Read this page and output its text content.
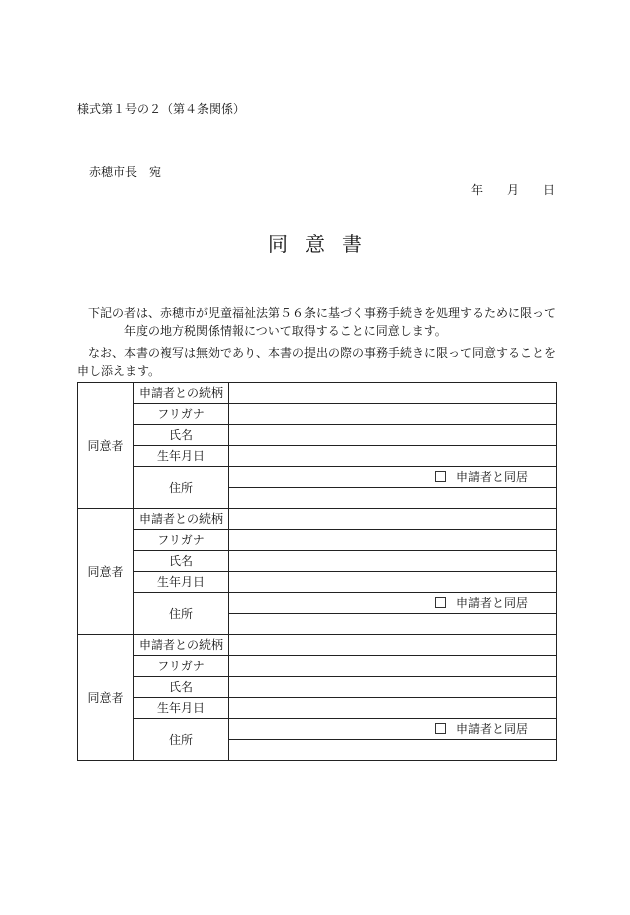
様式第１号の２（第４条関係）
赤穂市長　宛
年 月 日
同意書
下記の者は、赤穂市が児童福祉法第５６条に基づく事務手続きを処理するために限って
年度の地方税関係情報について取得することに同意します。
なお、本書の複写は無効であり、本書の提出の際の事務手続きに限って同意することを
申し添えます。
同意者	申請者との続柄	
	フリガナ	
	氏名	
	生年月日	
	住所	申請者と同居

同意者	申請者との続柄	
	フリガナ	
	氏名	
	生年月日	
	住所	申請者と同居

同意者	申請者との続柄	
	フリガナ	
	氏名	
	生年月日	
	住所	申請者と同居
